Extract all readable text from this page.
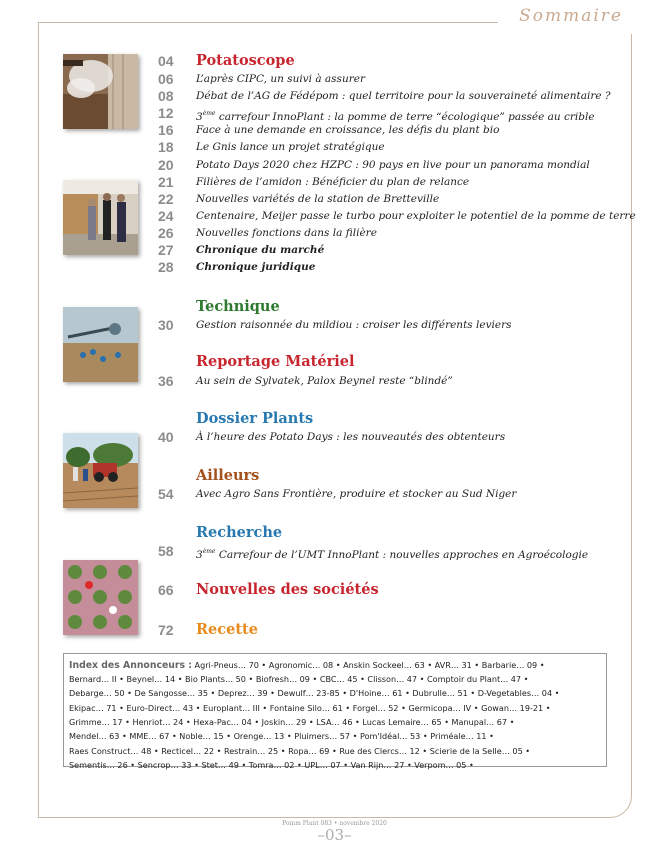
Sommaire
04	Potatoscope
06	L’après CIPC, un suivi à assurer
08	Débat de l’AG de Fédépom : quel territoire pour la souveraineté alimentaire ?
12	3ème carrefour InnoPlant : la pomme de terre “écologique” passée au crible
16	Face à une demande en croissance, les défis du plant bio
18	Le Gnis lance un projet stratégique
20	Potato Days 2020 chez HZPC : 90 pays en live pour un panorama mondial
21	Filières de l’amidon : Bénéficier du plan de relance
22	Nouvelles variétés de la station de Bretteville
24	Centenaire, Meijer passe le turbo pour exploiter le potentiel de la pomme de terre
26	Nouvelles fonctions dans la filière
27	Chronique du marché
28	Chronique juridique
Technique
30	Gestion raisonnée du mildiou : croiser les différents leviers
Reportage Matériel
36	Au sein de Sylvatek, Palox Beynel reste “blindé”
Dossier Plants
40	À l’heure des Potato Days : les nouveautés des obtenteurs
Ailleurs
54	Avec Agro Sans Frontière, produire et stocker au Sud Niger
Recherche
58	3ème Carrefour de l’UMT InnoPlant : nouvelles approches en Agroécologie
66	Nouvelles des sociétés
72	Recette
Index des Annonceurs : Agri-Pneus… 70 • Agronomic… 08 • Anskin Sockeel… 63 • AVR… 31 • Barbarie… 09 •
Bernard… II • Beynel… 14 • Bio Plants… 50 • Biofresh… 09 • CBC… 45 • Clisson… 47 • Comptoir du Plant… 47 •
Debarge… 50 • De Sangosse… 35 • Deprez… 39 • Dewulf… 23-85 • D'Hoine… 61 • Dubrulle… 51 • D-Vegetables… 04 •
Ekipac… 71 • Euro-Direct… 43 • Europlant… III • Fontaine Silo… 61 • Forgel… 52 • Germicopa… IV • Gowan… 19-21 •
Grimme… 17 • Henriot… 24 • Hexa-Pac… 04 • Joskin… 29 • LSA… 46 • Lucas Lemaire… 65 • Manupal… 67 •
Mendel… 63 • MME… 67 • Noble… 15 • Orenge… 13 • Pluimers… 57 • Pom'Idéal… 53 • Priméale… 11 •
Raes Construct… 48 • Recticel… 22 • Restrain… 25 • Ropa… 69 • Rue des Clercs… 12 • Scierie de la Selle… 05 •
Sementis… 26 • Sencrop… 33 • Stet… 49 • Tomra… 02 • UPL… 07 • Van Rijn… 27 • Verpom… 05 •
Pomm Plant 083 • novembre 2020
–03–
